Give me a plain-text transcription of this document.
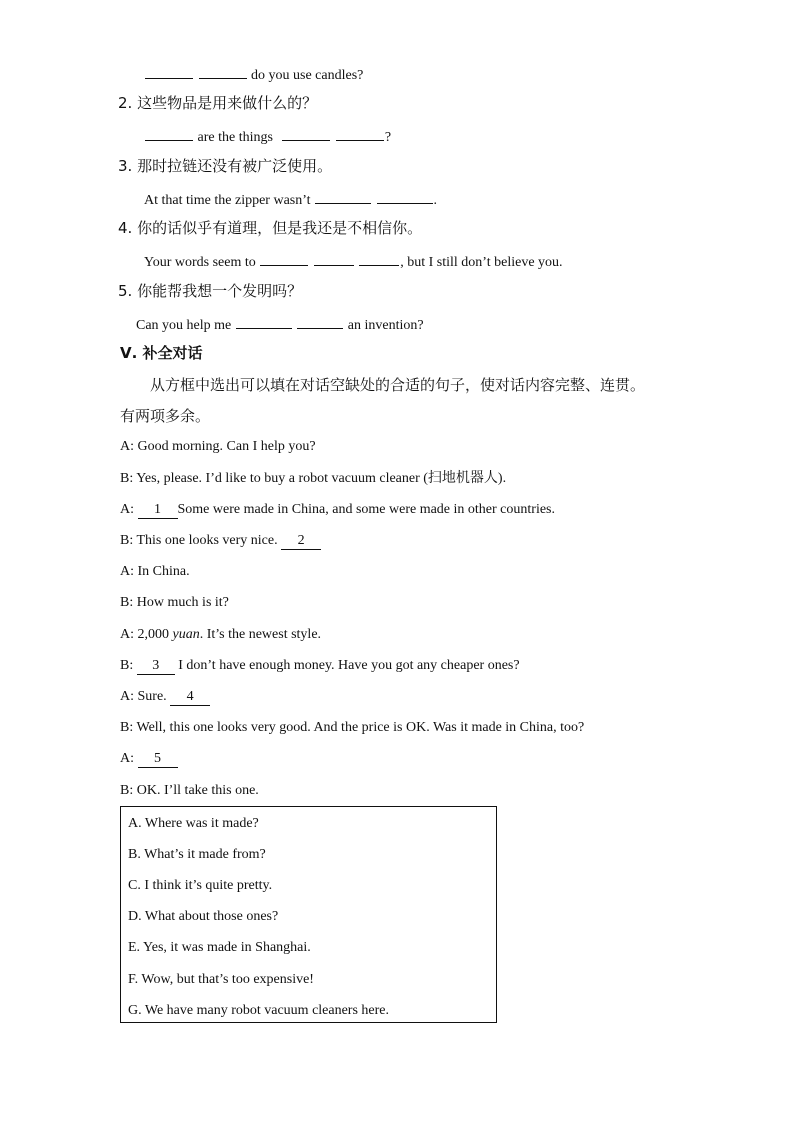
do you use candles?
2. 这些物品是用来做什么的？
are the things	?
3. 那时拉链还没有被广泛使用。
At that time the zipper wasn’t	.
4. 你的话似乎有道理，但是我还是不相信你。
Your words seem to	, but I still don’t believe you.
5. 你能帮我想一个发明吗？
Can you help me	an invention?
Ⅴ. 补全对话
从方框中选出可以填在对话空缺处的合适的句子，使对话内容完整、连贯。
有两项多余。
A: Good morning. Can I help you?
B: Yes, please. I’d like to buy a robot vacuum cleaner (扫地机器人).
A: 1 Some were made in China, and some were made in other countries.
B: This one looks very nice. 2
A: In China.
B: How much is it?
A: 2,000 yuan. It’s the newest style.
B: 3 I don’t have enough money. Have you got any cheaper ones?
A: Sure. 4
B: Well, this one looks very good. And the price is OK. Was it made in China, too?
A: 5
B: OK. I’ll take this one.
A. Where was it made?
B. What’s it made from?
C. I think it’s quite pretty.
D. What about those ones?
E. Yes, it was made in Shanghai.
F. Wow, but that’s too expensive!
G. We have many robot vacuum cleaners here.
